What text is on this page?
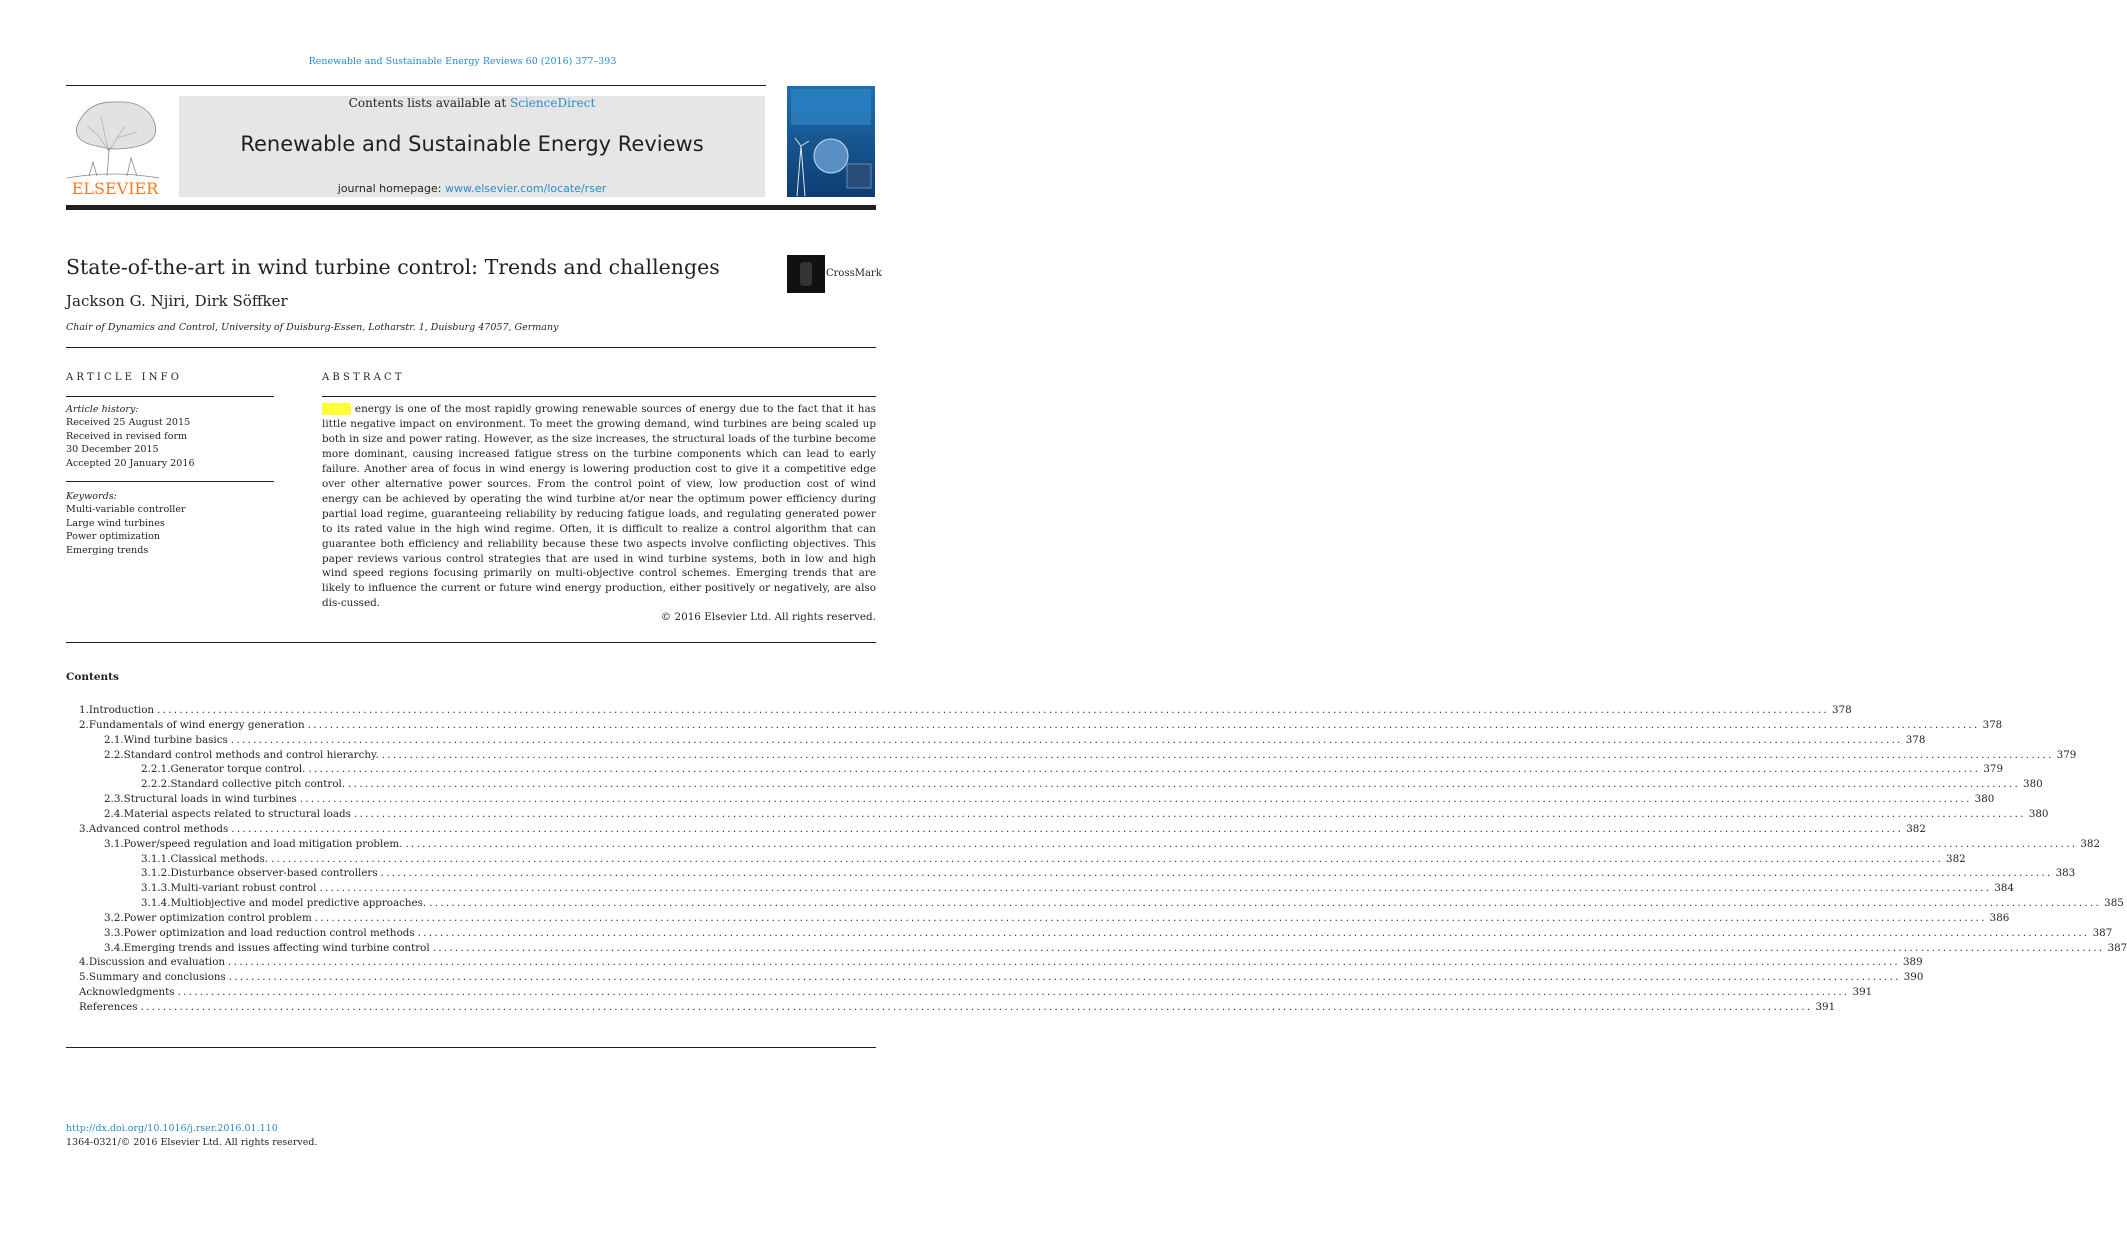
Renewable and Sustainable Energy Reviews 60 (2016) 377–393
ELSEVIER
Contents lists available at ScienceDirect
Renewable and Sustainable Energy Reviews
journal homepage: www.elsevier.com/locate/rser
State-of-the-art in wind turbine control: Trends and challenges	CrossMark
Jackson G. Njiri, Dirk Söffker
Chair of Dynamics and Control, University of Duisburg-Essen, Lotharstr. 1, Duisburg 47057, Germany
ARTICLE INFO
Article history:
Received 25 August 2015
Received in revised form
30 December 2015
Accepted 20 January 2016
Keywords:
Multi-variable controller
Large wind turbines
Power optimization
Emerging trends
ABSTRACT
Wind energy is one of the most rapidly growing renewable sources of energy due to the fact that it has little negative impact on environment. To meet the growing demand, wind turbines are being scaled up both in size and power rating. However, as the size increases, the structural loads of the turbine become more dominant, causing increased fatigue stress on the turbine components which can lead to early failure. Another area of focus in wind energy is lowering production cost to give it a competitive edge over other alternative power sources. From the control point of view, low production cost of wind energy can be achieved by operating the wind turbine at/or near the optimum power efficiency during partial load regime, guaranteeing reliability by reducing fatigue loads, and regulating generated power to its rated value in the high wind regime. Often, it is difficult to realize a control algorithm that can guarantee both efficiency and reliability because these two aspects involve conflicting objectives. This paper reviews various control strategies that are used in wind turbine systems, both in low and high wind speed regions focusing primarily on multi-objective control schemes. Emerging trends that are likely to influence the current or future wind energy production, either positively or negatively, are also dis-cussed.
© 2016 Elsevier Ltd. All rights reserved.
Contents
1. Introduction ............................................................................................................................................................................................................................................................................................................ 378
2. Fundamentals of wind energy generation ............................................................................................................................................................................................................................................................................................................ 378
2.1. Wind turbine basics ............................................................................................................................................................................................................................................................................................................ 378
2.2. Standard control methods and control hierarchy. ............................................................................................................................................................................................................................................................................................................ 379
2.2.1. Generator torque control. ............................................................................................................................................................................................................................................................................................................ 379
2.2.2. Standard collective pitch control. ............................................................................................................................................................................................................................................................................................................ 380
2.3. Structural loads in wind turbines ............................................................................................................................................................................................................................................................................................................ 380
2.4. Material aspects related to structural loads ............................................................................................................................................................................................................................................................................................................ 380
3. Advanced control methods ............................................................................................................................................................................................................................................................................................................ 382
3.1. Power/speed regulation and load mitigation problem. ............................................................................................................................................................................................................................................................................................................ 382
3.1.1. Classical methods. ............................................................................................................................................................................................................................................................................................................ 382
3.1.2. Disturbance observer-based controllers ............................................................................................................................................................................................................................................................................................................ 383
3.1.3. Multi-variant robust control ............................................................................................................................................................................................................................................................................................................ 384
3.1.4. Multiobjective and model predictive approaches. ............................................................................................................................................................................................................................................................................................................ 385
3.2. Power optimization control problem ............................................................................................................................................................................................................................................................................................................ 386
3.3. Power optimization and load reduction control methods ............................................................................................................................................................................................................................................................................................................ 387
3.4. Emerging trends and issues affecting wind turbine control ............................................................................................................................................................................................................................................................................................................ 387
4. Discussion and evaluation ............................................................................................................................................................................................................................................................................................................ 389
5. Summary and conclusions ............................................................................................................................................................................................................................................................................................................ 390
Acknowledgments ............................................................................................................................................................................................................................................................................................................ 391
References ............................................................................................................................................................................................................................................................................................................ 391
http://dx.doi.org/10.1016/j.rser.2016.01.110
1364-0321/© 2016 Elsevier Ltd. All rights reserved.
